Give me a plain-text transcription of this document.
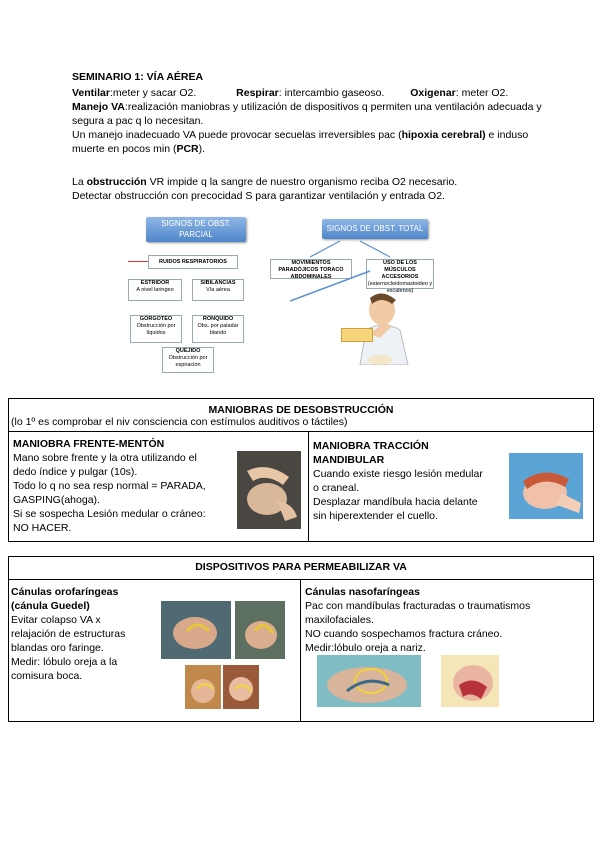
SEMINARIO 1: VÍA AÉREA

Ventilar:meter y sacar O2.	Respirar: intercambio gaseoso. Oxigenar: meter O2.

Manejo VA:realización maniobras y utilización de dispositivos q permiten una ventilación adecuada y segura a pac q lo necesitan.

Un manejo inadecuado VA puede provocar secuelas irreversibles pac (hipoxia cerebral) e induso muerte en pocos min (PCR).

La obstrucción VR impide q la sangre de nuestro organismo reciba O2 necesario.

Detectar obstrucción con precocidad S para garantizar ventilación y entrada O2.

SIGNOS DE OBST. PARCIAL
RUIDOS RESPIRATORIOS
ESTRIDOR
A nivel laringeo
SIBILANCIAS
Vía aérea
GORGOTEO
Obstrucción por líquidos
RONQUIDO
Obs. por paladar blando
QUEJIDO
Obstrucción por espiración
SIGNOS DE OBST. TOTAL
MOVIMIENTOS PARADÓJICOS TORACO ABDOMINALES
USO DE LOS MÚSCULOS ACCESORIOS
(esternocleidomastoideo y escalenos)
MANIOBRAS DE DESOBSTRUCCIÓN
(lo 1º es comprobar el niv consciencia con estímulos auditivos o táctiles)
MANIOBRA FRENTE-MENTÓN
Mano sobre frente y la otra utilizando el
dedo índice y pulgar (10s).
Todo lo q no sea resp normal = PARADA,
GASPING(ahoga).
Si se sospecha Lesión medular o cráneo:
NO HACER.
MANIOBRA TRACCIÓN
MANDIBULAR
Cuando existe riesgo lesión medular
o craneal.
Desplazar mandíbula hacia delante
sin hiperextender el cuello.
DISPOSITIVOS PARA PERMEABILIZAR VA
Cánulas orofaríngeas
(cánula Guedel)
Evitar colapso VA x
relajación de estructuras
blandas oro faringe.
Medir: lóbulo oreja a la
comisura boca.
Cánulas nasofaríngeas
Pac con mandíbulas fracturadas o traumatismos
maxilofaciales.
NO cuando sospechamos fractura cráneo.
Medir:lóbulo oreja a nariz.
